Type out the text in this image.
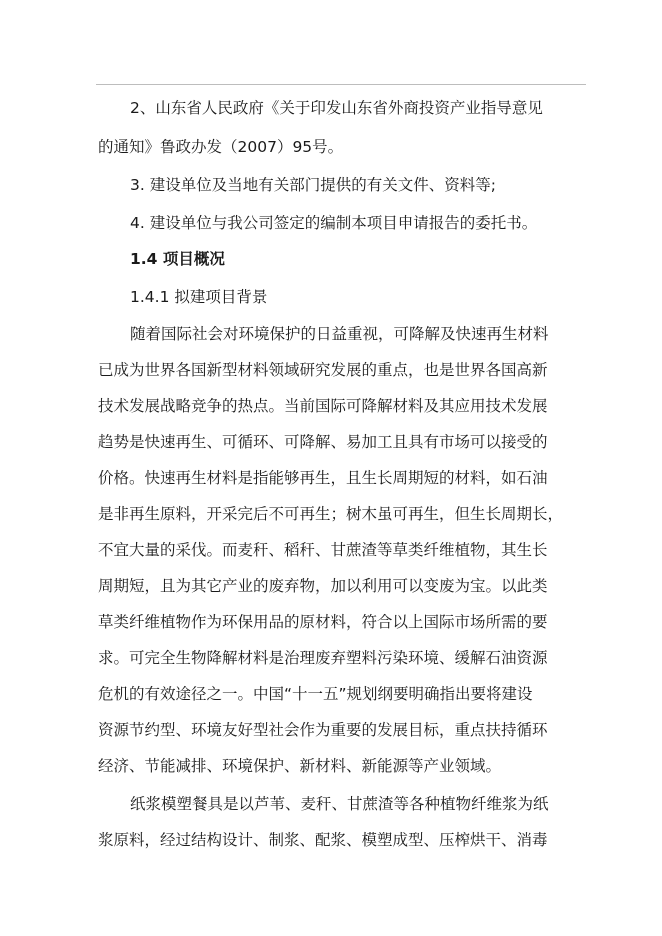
2、山东省人民政府《关于印发山东省外商投资产业指导意见
的通知》鲁政办发（2007）95号。
3. 建设单位及当地有关部门提供的有关文件、资料等;
4. 建设单位与我公司签定的编制本项目申请报告的委托书。
1.4 项目概况
1.4.1 拟建项目背景
随着国际社会对环境保护的日益重视，可降解及快速再生材料
已成为世界各国新型材料领域研究发展的重点，也是世界各国高新
技术发展战略竞争的热点。当前国际可降解材料及其应用技术发展
趋势是快速再生、可循环、可降解、易加工且具有市场可以接受的
价格。快速再生材料是指能够再生，且生长周期短的材料，如石油
是非再生原料，开采完后不可再生；树木虽可再生，但生长周期长，
不宜大量的采伐。而麦秆、稻秆、甘蔗渣等草类纤维植物，其生长
周期短，且为其它产业的废弃物，加以利用可以变废为宝。以此类
草类纤维植物作为环保用品的原材料，符合以上国际市场所需的要
求。可完全生物降解材料是治理废弃塑料污染环境、缓解石油资源
危机的有效途径之一。中国“十一五”规划纲要明确指出要将建设
资源节约型、环境友好型社会作为重要的发展目标，重点扶持循环
经济、节能减排、环境保护、新材料、新能源等产业领域。
纸浆模塑餐具是以芦苇、麦秆、甘蔗渣等各种植物纤维浆为纸
浆原料，经过结构设计、制浆、配浆、模塑成型、压榨烘干、消毒
